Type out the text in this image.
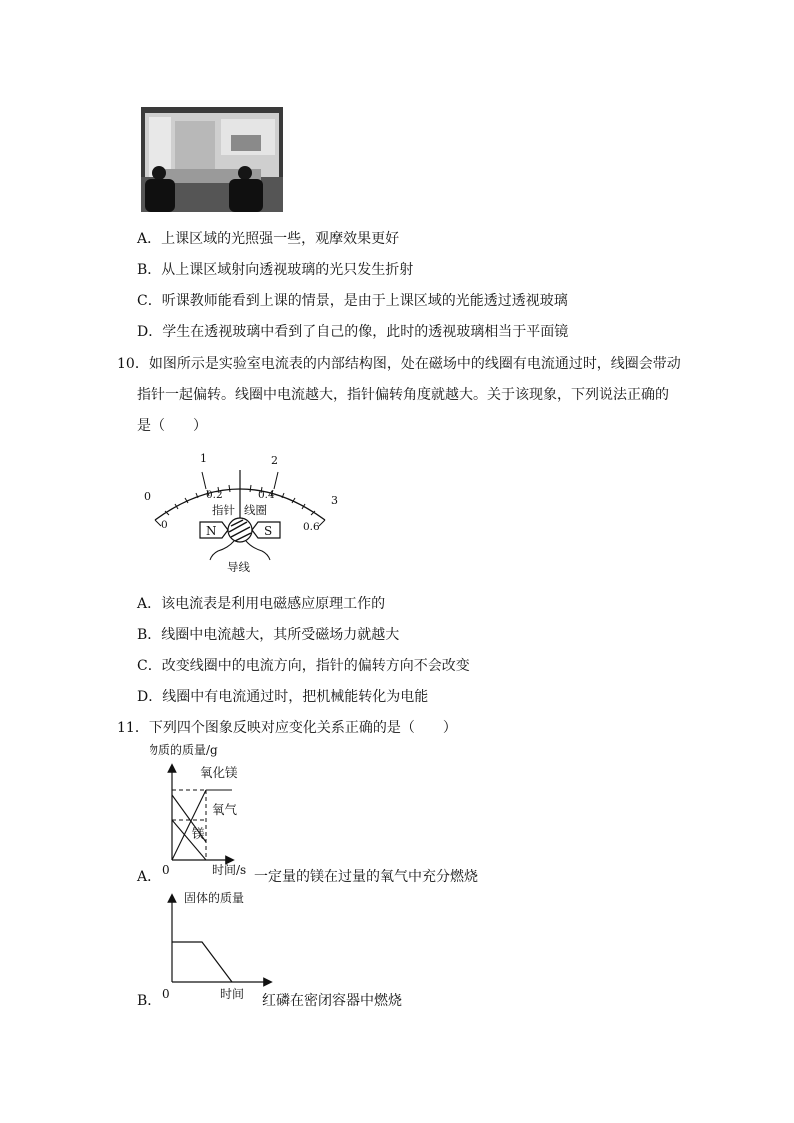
A．上课区域的光照强一些，观摩效果更好
B．从上课区域射向透视玻璃的光只发生折射
C．听课教师能看到上课的情景，是由于上课区域的光能透过透视玻璃
D．学生在透视玻璃中看到了自己的像，此时的透视玻璃相当于平面镜
10．如图所示是实验室电流表的内部结构图，处在磁场中的线圈有电流通过时，线圈会带动
指针一起偏转。线圈中电流越大，指针偏转角度就越大。关于该现象，下列说法正确的
是（　　）
0
1	2
3
0
0.2	0.4
0.6
指针 线圈
N	S
导线
A．该电流表是利用电磁感应原理工作的
B．线圈中电流越大，其所受磁场力就越大
C．改变线圈中的电流方向，指针的偏转方向不会改变
D．线圈中有电流通过时，把机械能转化为电能
11．下列四个图象反映对应变化关系正确的是（　　）
A．
物质的质量/g
氧化镁
氧气
镁
0	时间/s 一定量的镁在过量的氧气中充分燃烧
B．
固体的质量
0	时间 红磷在密闭容器中燃烧
